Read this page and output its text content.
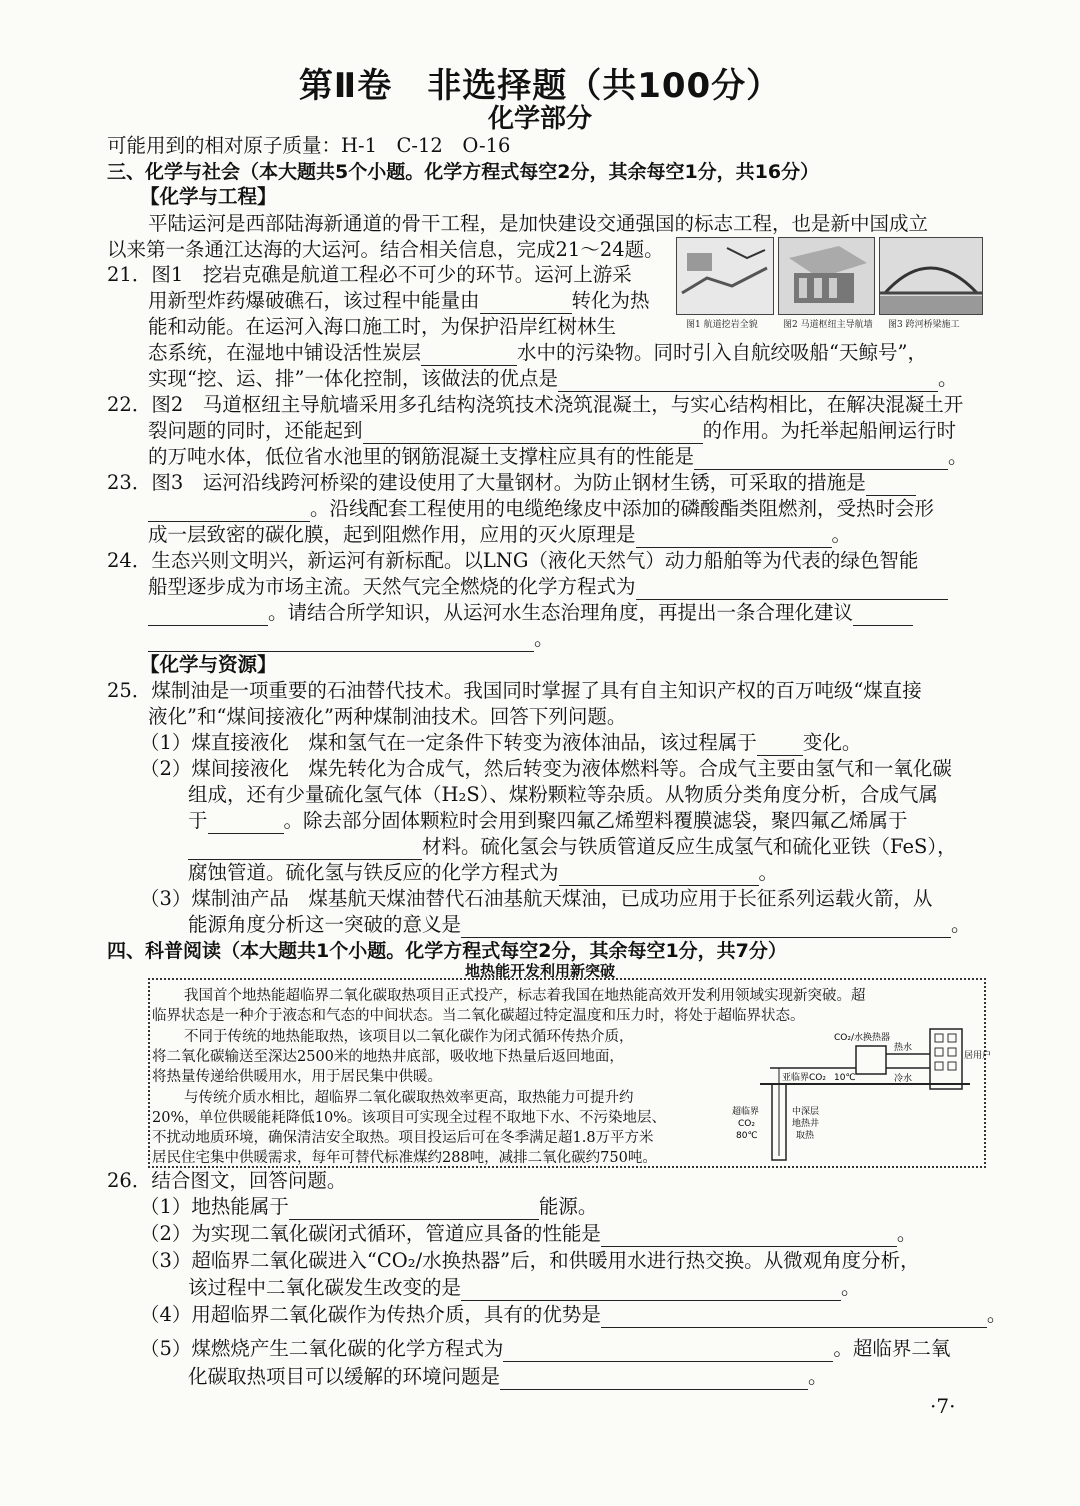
第Ⅱ卷　非选择题（共100分）
化学部分
可能用到的相对原子质量：H-1　C-12　O-16
三、化学与社会（本大题共5个小题。化学方程式每空2分，其余每空1分，共16分）
【化学与工程】
平陆运河是西部陆海新通道的骨干工程，是加快建设交通强国的标志工程，也是新中国成立
以来第一条通江达海的大运河。结合相关信息，完成21～24题。
图1 航道挖岩全貌	图2 马道枢纽主导航墙 图3 跨河桥梁施工
21．图1　挖岩克礁是航道工程必不可少的环节。运河上游采
用新型炸药爆破礁石，该过程中能量由	转化为热
能和动能。在运河入海口施工时，为保护沿岸红树林生
态系统，在湿地中铺设活性炭层	水中的污染物。同时引入自航绞吸船“天鲸号”，
实现“挖、运、排”一体化控制，该做法的优点是	。
22．图2　马道枢纽主导航墙采用多孔结构浇筑技术浇筑混凝土，与实心结构相比，在解决混凝土开
裂问题的同时，还能起到	的作用。为托举起船闸运行时
的万吨水体，低位省水池里的钢筋混凝土支撑柱应具有的性能是	。
23．图3　运河沿线跨河桥梁的建设使用了大量钢材。为防止钢材生锈，可采取的措施是
。沿线配套工程使用的电缆绝缘皮中添加的磷酸酯类阻燃剂，受热时会形
成一层致密的碳化膜，起到阻燃作用，应用的灭火原理是	。
24．生态兴则文明兴，新运河有新标配。以LNG（液化天然气）动力船舶等为代表的绿色智能
船型逐步成为市场主流。天然气完全燃烧的化学方程式为
。请结合所学知识，从运河水生态治理角度，再提出一条合理化建议
。
【化学与资源】
25．煤制油是一项重要的石油替代技术。我国同时掌握了具有自主知识产权的百万吨级“煤直接
液化”和“煤间接液化”两种煤制油技术。回答下列问题。
（1）煤直接液化　煤和氢气在一定条件下转变为液体油品，该过程属于 变化。
（2）煤间接液化　煤先转化为合成气，然后转变为液体燃料等。合成气主要由氢气和一氧化碳
组成，还有少量硫化氢气体（H₂S）、煤粉颗粒等杂质。从物质分类角度分析，合成气属
于	。除去部分固体颗粒时会用到聚四氟乙烯塑料覆膜滤袋，聚四氟乙烯属于
材料。硫化氢会与铁质管道反应生成氢气和硫化亚铁（FeS），
腐蚀管道。硫化氢与铁反应的化学方程式为	。
（3）煤制油产品　煤基航天煤油替代石油基航天煤油，已成功应用于长征系列运载火箭，从
能源角度分析这一突破的意义是	。
四、科普阅读（本大题共1个小题。化学方程式每空2分，其余每空1分，共7分）
地热能开发利用新突破
我国首个地热能超临界二氧化碳取热项目正式投产，标志着我国在地热能高效开发利用领域实现新突破。超
临界状态是一种介于液态和气态的中间状态。当二氧化碳超过特定温度和压力时，将处于超临界状态。
不同于传统的地热能取热，该项目以二氧化碳作为闭式循环传热介质，
将二氧化碳输送至深达2500米的地热井底部，吸收地下热量后返回地面，
将热量传递给供暖用水，用于居民集中供暖。
与传统介质水相比，超临界二氧化碳取热效率更高，取热能力可提升约
20%，单位供暖能耗降低10%。该项目可实现全过程不取地下水、不污染地层、
不扰动地质环境，确保清洁安全取热。项目投运后可在冬季满足超1.8万平方米
居民住宅集中供暖需求，每年可替代标准煤约288吨，减排二氧化碳约750吨。
CO₂/水换热器
居用户
热水
冷水
亚临界CO₂ 10℃
超临界
CO₂
80℃
中深层
地热井
取热
26．结合图文，回答问题。
（1）地热能属于	能源。
（2）为实现二氧化碳闭式循环，管道应具备的性能是	。
（3）超临界二氧化碳进入“CO₂/水换热器”后，和供暖用水进行热交换。从微观角度分析，
该过程中二氧化碳发生改变的是	。
（4）用超临界二氧化碳作为传热介质，具有的优势是	。
（5）煤燃烧产生二氧化碳的化学方程式为	。超临界二氧
化碳取热项目可以缓解的环境问题是	。
·7·
